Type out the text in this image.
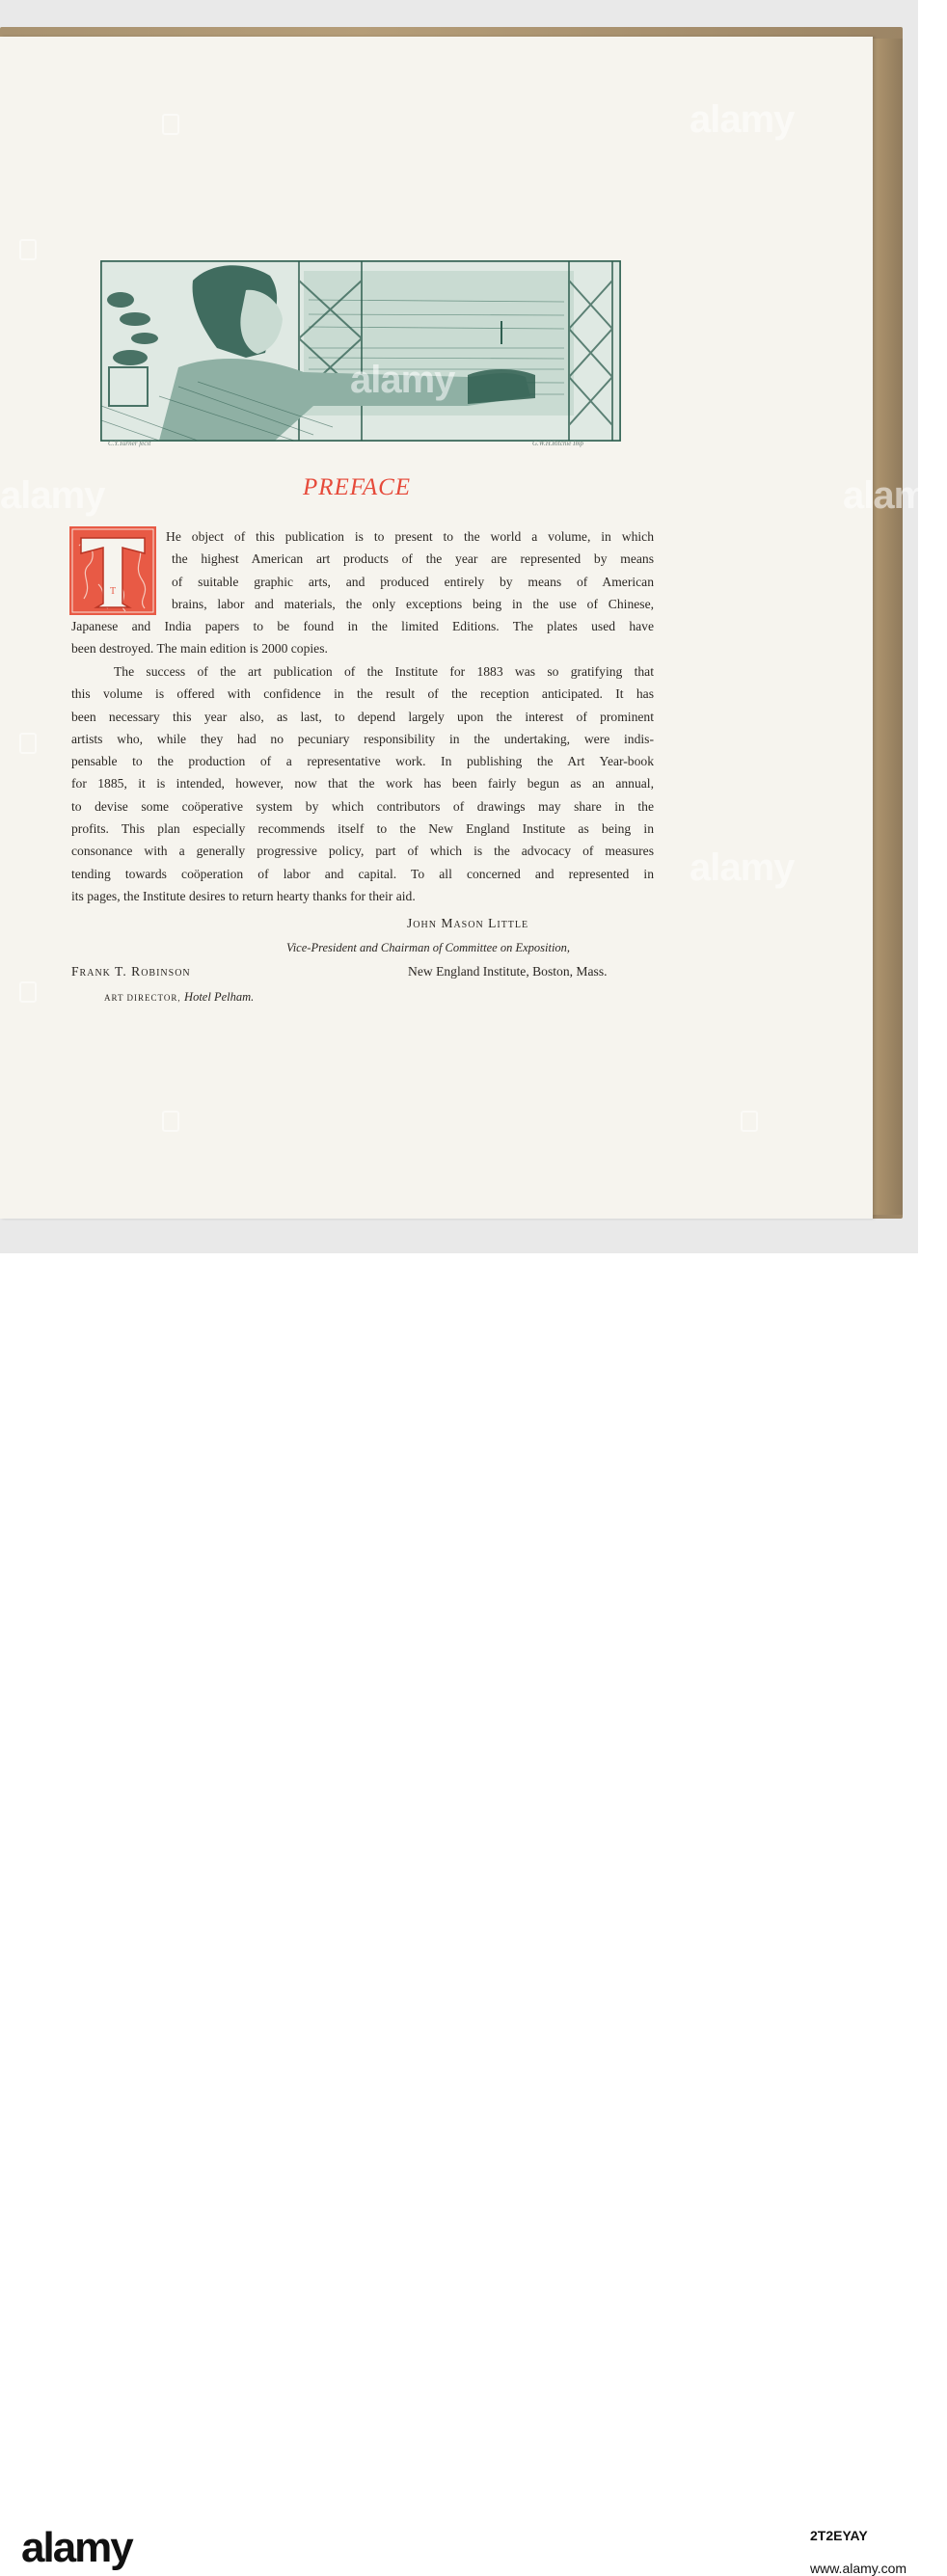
C.Y.Turner fecit	G.W.H.Ritchie Imp
PREFACE
T
He object of this publication is to present to the world a volume, in which
the highest American art products of the year are represented by means
of suitable graphic arts, and produced entirely by means of American
brains, labor and materials, the only exceptions being in the use of Chinese,
Japanese and India papers to be found in the limited Editions. The plates used have
been destroyed. The main edition is 2000 copies.
The success of the art publication of the Institute for 1883 was so gratifying that
this volume is offered with confidence in the result of the reception anticipated. It has
been necessary this year also, as last, to depend largely upon the interest of prominent
artists who, while they had no pecuniary responsibility in the undertaking, were indis-
pensable to the production of a representative work. In publishing the Art Year-book
for 1885, it is intended, however, now that the work has been fairly begun as an annual,
to devise some coöperative system by which contributors of drawings may share in the
profits. This plan especially recommends itself to the New England Institute as being in
consonance with a generally progressive policy, part of which is the advocacy of measures
tending towards coöperation of labor and capital. To all concerned and represented in
its pages, the Institute desires to return hearty thanks for their aid.
John Mason Little
Vice-President and Chairman of Committee on Exposition,
Frank T. Robinson	New England Institute, Boston, Mass.
ART DIRECTOR, Hotel Pelham.
alamy
alamy
alamy	alamy
alamy
alamy	2T2EYAY
www.alamy.com
